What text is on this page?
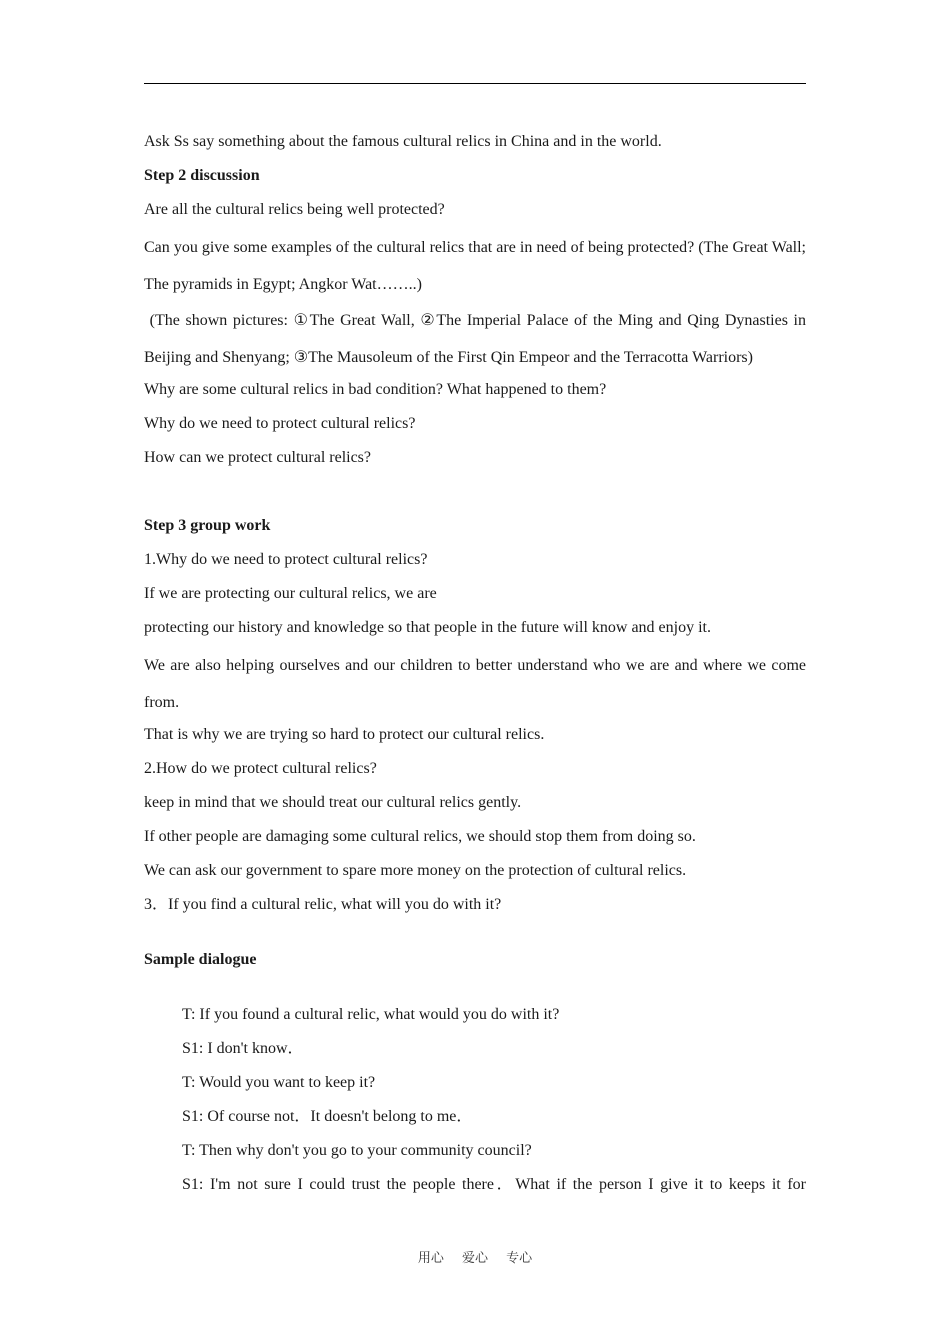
Ask Ss say something about the famous cultural relics in China and in the world.

Step 2 discussion

Are all the cultural relics being well protected?

Can you give some examples of the cultural relics that are in need of being protected? (The Great Wall; The pyramids in Egypt; Angkor Wat……..)

(The shown pictures: ①The Great Wall, ②The Imperial Palace of the Ming and Qing Dynasties in Beijing and Shenyang; ③The Mausoleum of the First Qin Empeor and the Terracotta Warriors)

Why are some cultural relics in bad condition? What happened to them?

Why do we need to protect cultural relics?

How can we protect cultural relics?

Step 3 group work

1.Why do we need to protect cultural relics?

If we are protecting our cultural relics, we are

protecting our history and knowledge so that people in the future will know and enjoy it.

We are also helping ourselves and our children to better understand who we are and where we come from.

That is why we are trying so hard to protect our cultural relics.

2.How do we protect cultural relics?

keep in mind that we should treat our cultural relics gently.

If other people are damaging some cultural relics, we should stop them from doing so.

We can ask our government to spare more money on the protection of cultural relics.

3．If you find a cultural relic, what will you do with it?

Sample dialogue

T: If you found a cultural relic, what would you do with it?

S1: I don't know．

T: Would you want to keep it?

S1: Of course not．It doesn't belong to me．

T: Then why don't you go to your community council?

S1: I'm not sure I could trust the people there．What if the person I give it to keeps it for

用心 爱心 专心
